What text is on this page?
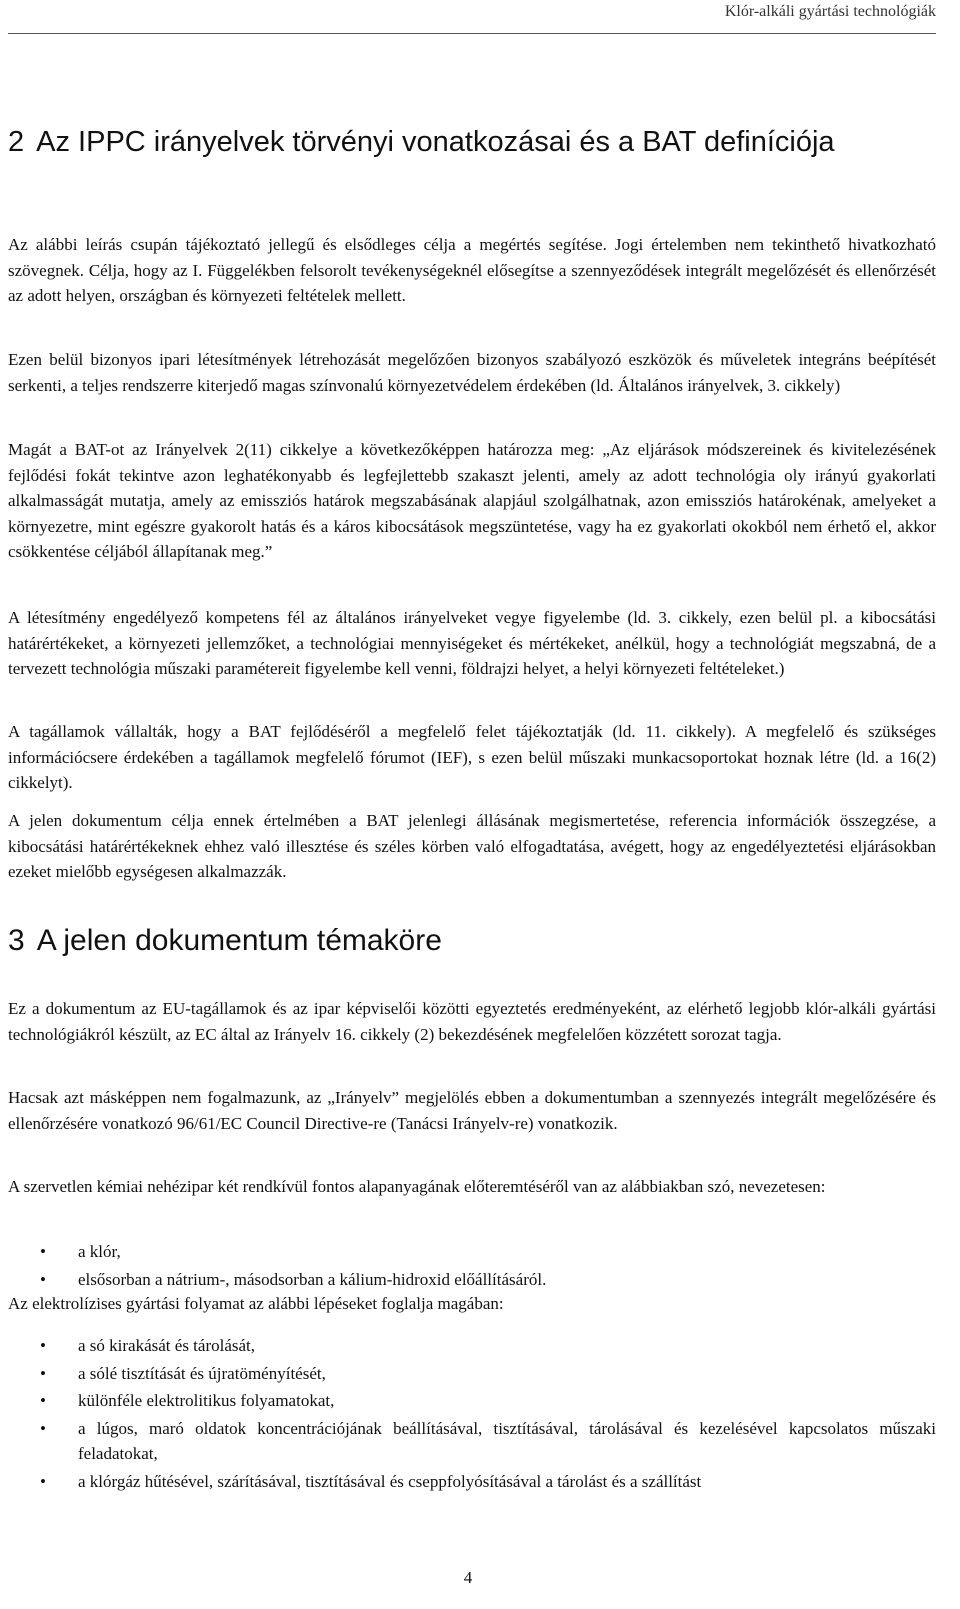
Klór-alkáli gyártási technológiák
2 Az IPPC irányelvek törvényi vonatkozásai és a BAT definíciója

Az alábbi leírás csupán tájékoztató jellegű és elsődleges célja a megértés segítése. Jogi értelemben nem tekinthető hivatkozható szövegnek. Célja, hogy az I. Függelékben felsorolt tevékenységeknél elősegítse a szennyeződések integrált megelőzését és ellenőrzését az adott helyen, országban és környezeti feltételek mellett.

Ezen belül bizonyos ipari létesítmények létrehozását megelőzően bizonyos szabályozó eszközök és műveletek integráns beépítését serkenti, a teljes rendszerre kiterjedő magas színvonalú környezetvédelem érdekében (ld. Általános irányelvek, 3. cikkely)

Magát a BAT-ot az Irányelvek 2(11) cikkelye a következőképpen határozza meg: „Az eljárások módszereinek és kivitelezésének fejlődési fokát tekintve azon leghatékonyabb és legfejlettebb szakaszt jelenti, amely az adott technológia oly irányú gyakorlati alkalmasságát mutatja, amely az emissziós határok megszabásának alapjául szolgálhatnak, azon emissziós határokénak, amelyeket a környezetre, mint egészre gyakorolt hatás és a káros kibocsátások megszüntetése, vagy ha ez gyakorlati okokból nem érhető el, akkor csökkentése céljából állapítanak meg.”

A létesítmény engedélyező kompetens fél az általános irányelveket vegye figyelembe (ld. 3. cikkely, ezen belül pl. a kibocsátási határértékeket, a környezeti jellemzőket, a technológiai mennyiségeket és mértékeket, anélkül, hogy a technológiát megszabná, de a tervezett technológia műszaki paramétereit figyelembe kell venni, földrajzi helyet, a helyi környezeti feltételeket.)

A tagállamok vállalták, hogy a BAT fejlődéséről a megfelelő felet tájékoztatják (ld. 11. cikkely). A megfelelő és szükséges információcsere érdekében a tagállamok megfelelő fórumot (IEF), s ezen belül műszaki munkacsoportokat hoznak létre (ld. a 16(2) cikkelyt).

A jelen dokumentum célja ennek értelmében a BAT jelenlegi állásának megismertetése, referencia információk összegzése, a kibocsátási határértékeknek ehhez való illesztése és széles körben való elfogadtatása, avégett, hogy az engedélyeztetési eljárásokban ezeket mielőbb egységesen alkalmazzák.

3 A jelen dokumentum témaköre

Ez a dokumentum az EU-tagállamok és az ipar képviselői közötti egyeztetés eredményeként, az elérhető legjobb klór-alkáli gyártási technológiákról készült, az EC által az Irányelv 16. cikkely (2) bekezdésének megfelelően közzétett sorozat tagja.

Hacsak azt másképpen nem fogalmazunk, az „Irányelv” megjelölés ebben a dokumentumban a szennyezés integrált megelőzésére és ellenőrzésére vonatkozó 96/61/EC Council Directive-re (Tanácsi Irányelv-re) vonatkozik.

A szervetlen kémiai nehézipar két rendkívül fontos alapanyagának előteremtéséről van az alábbiakban szó, nevezetesen:

• a klór,
• elsősorban a nátrium-, másodsorban a kálium-hidroxid előállításáról.

Az elektrolízises gyártási folyamat az alábbi lépéseket foglalja magában:

• a só kirakását és tárolását,
• a sólé tisztítását és újratöményítését,
• különféle elektrolitikus folyamatokat,
• a lúgos, maró oldatok koncentrációjának beállításával, tisztításával, tárolásával és kezelésével kapcsolatos műszaki feladatokat,
• a klórgáz hűtésével, szárításával, tisztításával és cseppfolyósításával a tárolást és a szállítást
4
